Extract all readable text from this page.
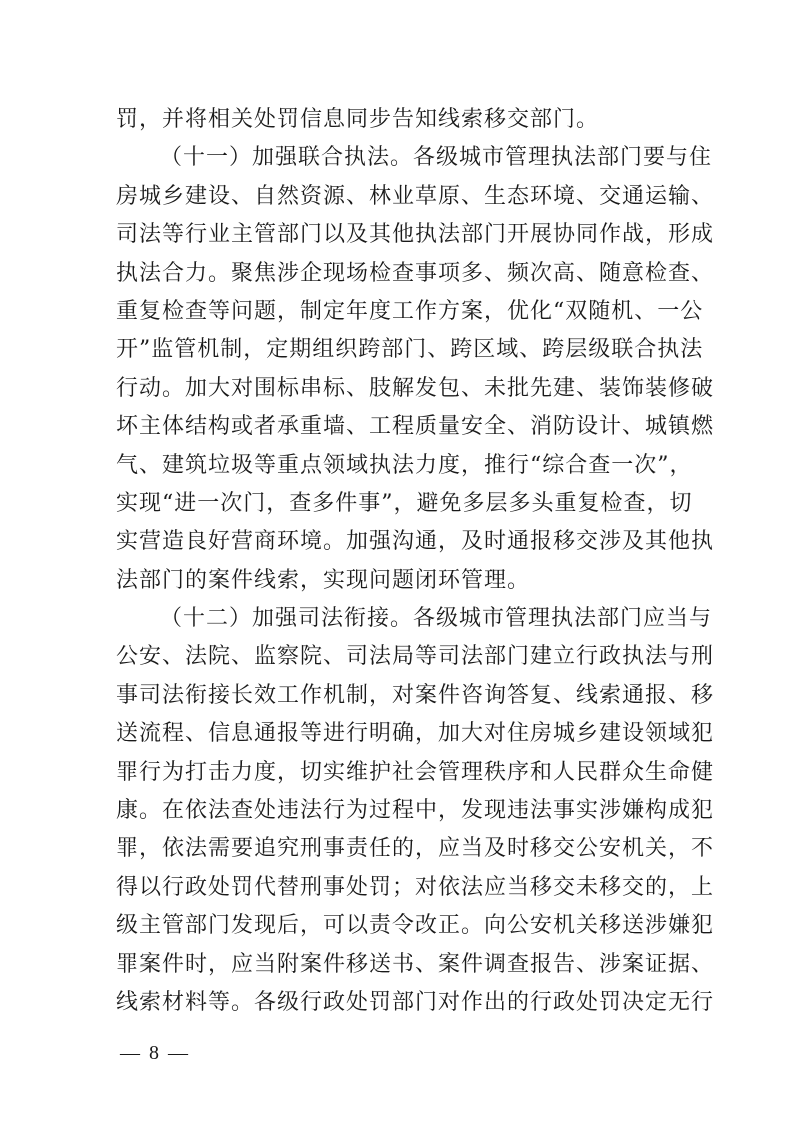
罚，并将相关处罚信息同步告知线索移交部门。
（十一）加强联合执法。各级城市管理执法部门要与住
房城乡建设、自然资源、林业草原、生态环境、交通运输、
司法等行业主管部门以及其他执法部门开展协同作战，形成
执法合力。聚焦涉企现场检查事项多、频次高、随意检查、
重复检查等问题，制定年度工作方案，优化“双随机、一公
开”监管机制，定期组织跨部门、跨区域、跨层级联合执法
行动。加大对围标串标、肢解发包、未批先建、装饰装修破
坏主体结构或者承重墙、工程质量安全、消防设计、城镇燃
气、建筑垃圾等重点领域执法力度，推行“综合查一次”，
实现“进一次门，查多件事”，避免多层多头重复检查，切
实营造良好营商环境。加强沟通，及时通报移交涉及其他执
法部门的案件线索，实现问题闭环管理。
（十二）加强司法衔接。各级城市管理执法部门应当与
公安、法院、监察院、司法局等司法部门建立行政执法与刑
事司法衔接长效工作机制，对案件咨询答复、线索通报、移
送流程、信息通报等进行明确，加大对住房城乡建设领域犯
罪行为打击力度，切实维护社会管理秩序和人民群众生命健
康。在依法查处违法行为过程中，发现违法事实涉嫌构成犯
罪，依法需要追究刑事责任的，应当及时移交公安机关，不
得以行政处罚代替刑事处罚；对依法应当移交未移交的，上
级主管部门发现后，可以责令改正。向公安机关移送涉嫌犯
罪案件时，应当附案件移送书、案件调查报告、涉案证据、
线索材料等。各级行政处罚部门对作出的行政处罚决定无行
— 8 —
